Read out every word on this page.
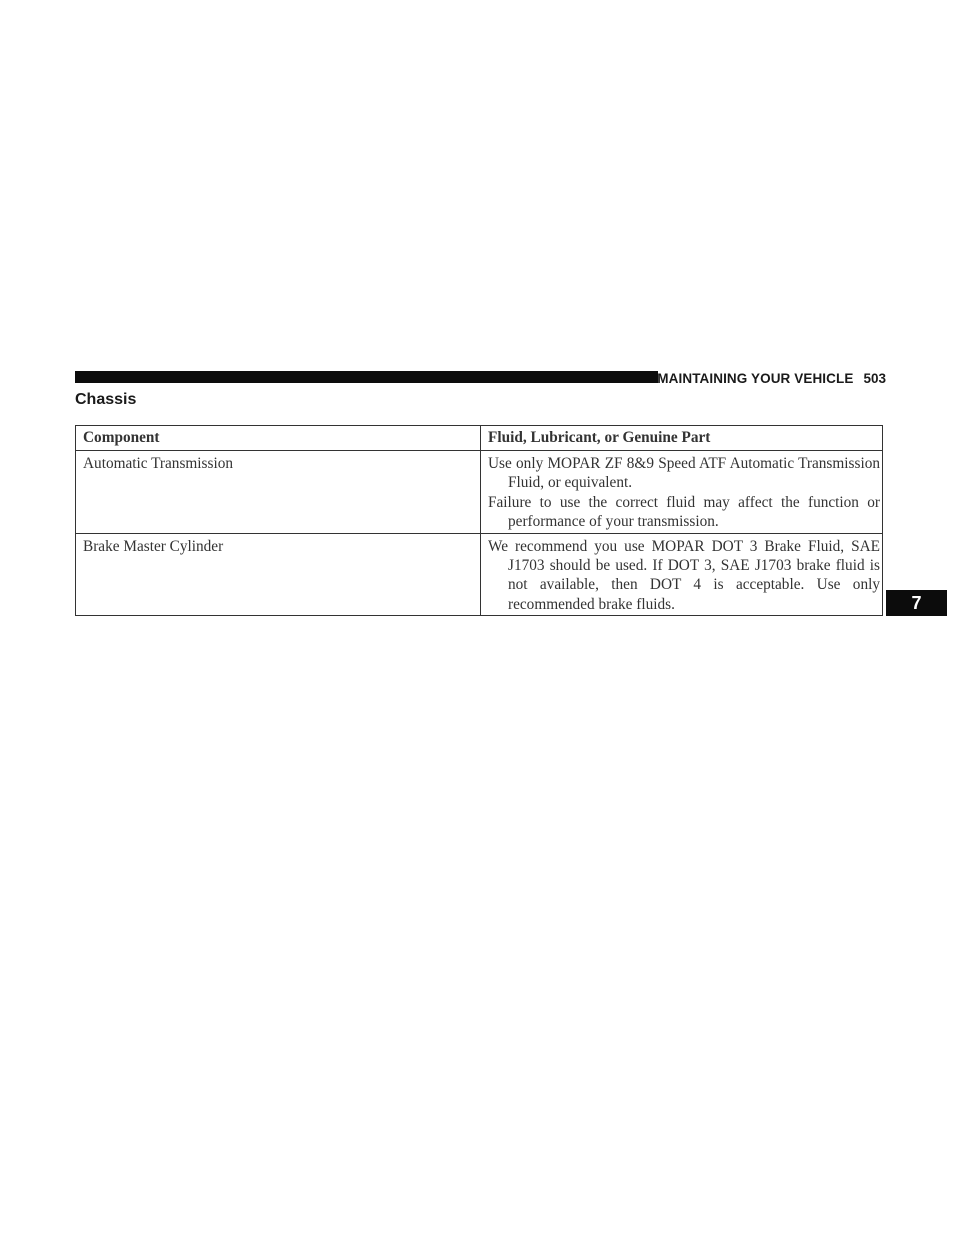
MAINTAINING YOUR VEHICLE 503
Chassis
Component	Fluid, Lubricant, or Genuine Part
Automatic Transmission	Use only MOPAR ZF 8&9 Speed ATF Automatic Transmission Fluid, or equivalent.

Failure to use the correct fluid may affect the function or performance of your transmission.

Brake Master Cylinder	We recommend you use MOPAR DOT 3 Brake Fluid, SAE J1703 should be used. If DOT 3, SAE J1703 brake fluid is not available, then DOT 4 is acceptable. Use only recommended brake fluids.	7
